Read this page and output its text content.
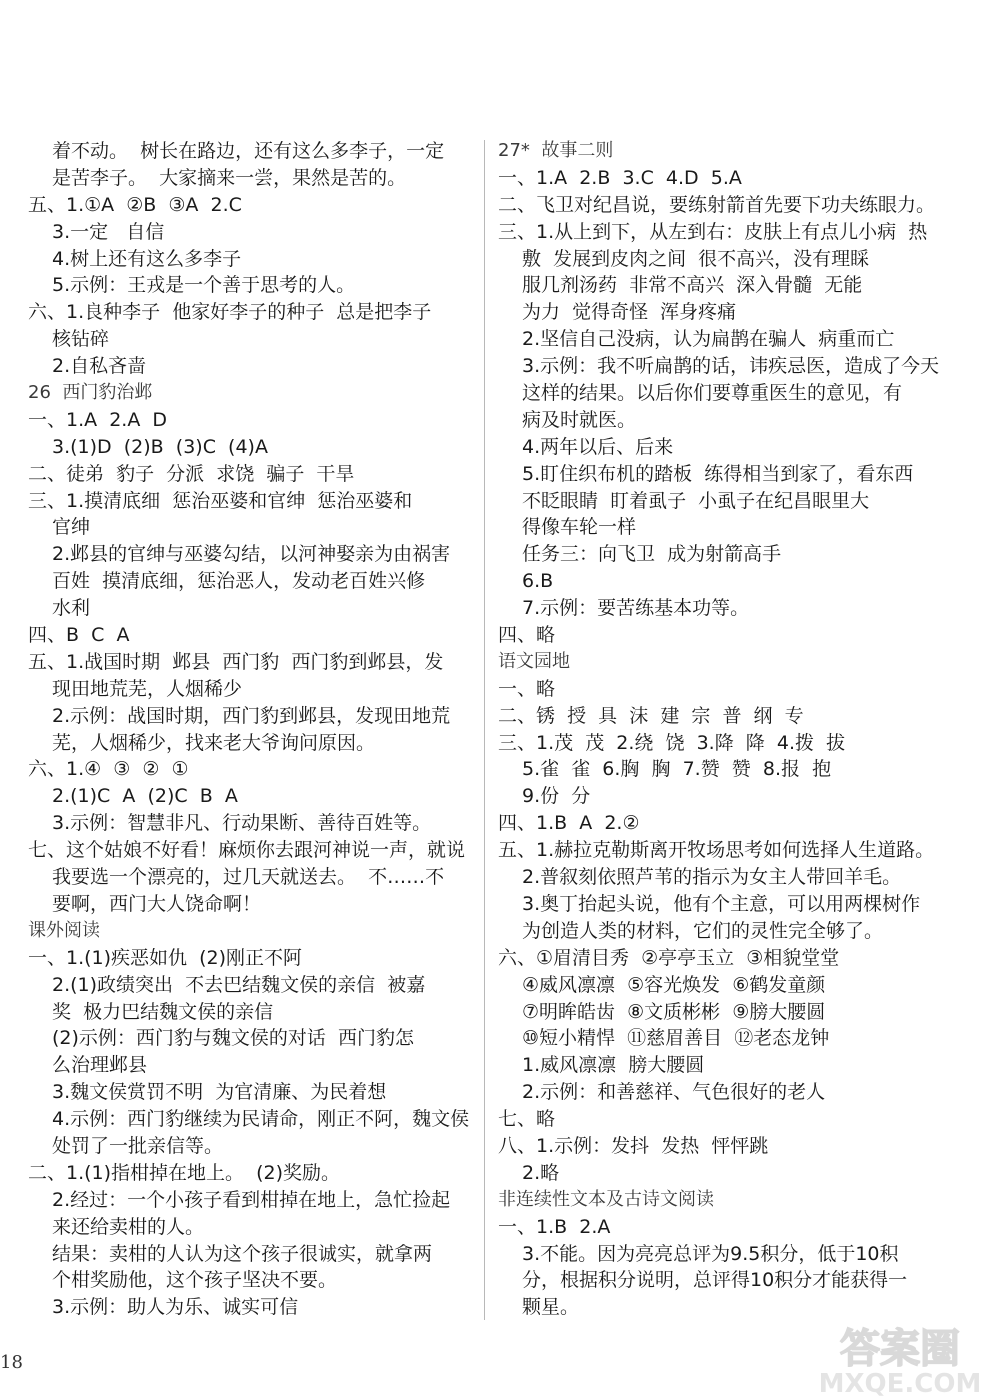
着不动。  树长在路边，还有这么多李子，一定
是苦李子。  大家摘来一尝，果然是苦的。
五、1.①A  ②B  ③A  2.C
3.一定   自信
4.树上还有这么多李子
5.示例：王戎是一个善于思考的人。
六、1.良种李子  他家好李子的种子  总是把李子
核钻碎
2.自私吝啬
26  西门豹治邺
一、1.A  2.A  D
3.(1)D  (2)B  (3)C  (4)A
二、徒弟  豹子  分派  求饶  骗子  干旱
三、1.摸清底细  惩治巫婆和官绅  惩治巫婆和
官绅
2.邺县的官绅与巫婆勾结，以河神娶亲为由祸害
百姓  摸清底细，惩治恶人，发动老百姓兴修
水利
四、B  C  A
五、1.战国时期  邺县  西门豹  西门豹到邺县，发
现田地荒芜，人烟稀少
2.示例：战国时期，西门豹到邺县，发现田地荒
芜，人烟稀少，找来老大爷询问原因。
六、1.④  ③  ②  ①
2.(1)C  A  (2)C  B  A
3.示例：智慧非凡、行动果断、善待百姓等。
七、这个姑娘不好看！麻烦你去跟河神说一声，就说
我要选一个漂亮的，过几天就送去。  不……不
要啊，西门大人饶命啊！
课外阅读
一、1.(1)疾恶如仇  (2)刚正不阿
2.(1)政绩突出  不去巴结魏文侯的亲信  被嘉
奖  极力巴结魏文侯的亲信
(2)示例：西门豹与魏文侯的对话  西门豹怎
么治理邺县
3.魏文侯赏罚不明  为官清廉、为民着想
4.示例：西门豹继续为民请命，刚正不阿，魏文侯
处罚了一批亲信等。
二、1.(1)指柑掉在地上。  (2)奖励。
2.经过：一个小孩子看到柑掉在地上，急忙捡起
来还给卖柑的人。
结果：卖柑的人认为这个孩子很诚实，就拿两
个柑奖励他，这个孩子坚决不要。
3.示例：助人为乐、诚实可信
27*  故事二则
一、1.A  2.B  3.C  4.D  5.A
二、飞卫对纪昌说，要练射箭首先要下功夫练眼力。
三、1.从上到下，从左到右：皮肤上有点儿小病  热
敷  发展到皮肉之间  很不高兴，没有理睬
服几剂汤药  非常不高兴  深入骨髓  无能
为力  觉得奇怪  浑身疼痛
2.坚信自己没病，认为扁鹊在骗人  病重而亡
3.示例：我不听扁鹊的话，讳疾忌医，造成了今天
这样的结果。以后你们要尊重医生的意见，有
病及时就医。
4.两年以后、后来
5.盯住织布机的踏板  练得相当到家了，看东西
不眨眼睛  盯着虱子  小虱子在纪昌眼里大
得像车轮一样
任务三：向飞卫  成为射箭高手
6.B
7.示例：要苦练基本功等。
四、略
语文园地
一、略
二、锈  授  具  沫  建  宗  普  纲  专
三、1.茂  茂  2.绕  饶  3.降  降  4.拨  拔
5.雀  雀  6.胸  胸  7.赞  赞  8.报  抱
9.份  分
四、1.B  A  2.②
五、1.赫拉克勒斯离开牧场思考如何选择人生道路。
2.普叙刻依照芦苇的指示为女主人带回羊毛。
3.奥丁抬起头说，他有个主意，可以用两棵树作
为创造人类的材料，它们的灵性完全够了。
六、①眉清目秀  ②亭亭玉立  ③相貌堂堂
④威风凛凛  ⑤容光焕发  ⑥鹤发童颜
⑦明眸皓齿  ⑧文质彬彬  ⑨膀大腰圆
⑩短小精悍  ⑪慈眉善目  ⑫老态龙钟
1.威风凛凛  膀大腰圆
2.示例：和善慈祥、气色很好的老人
七、略
八、1.示例：发抖  发热  怦怦跳
2.略
非连续性文本及古诗文阅读
一、1.B  2.A
3.不能。因为亮亮总评为9.5积分，低于10积
分，根据积分说明，总评得10积分才能获得一
颗星。
18	答案圈
MXQE.COM
